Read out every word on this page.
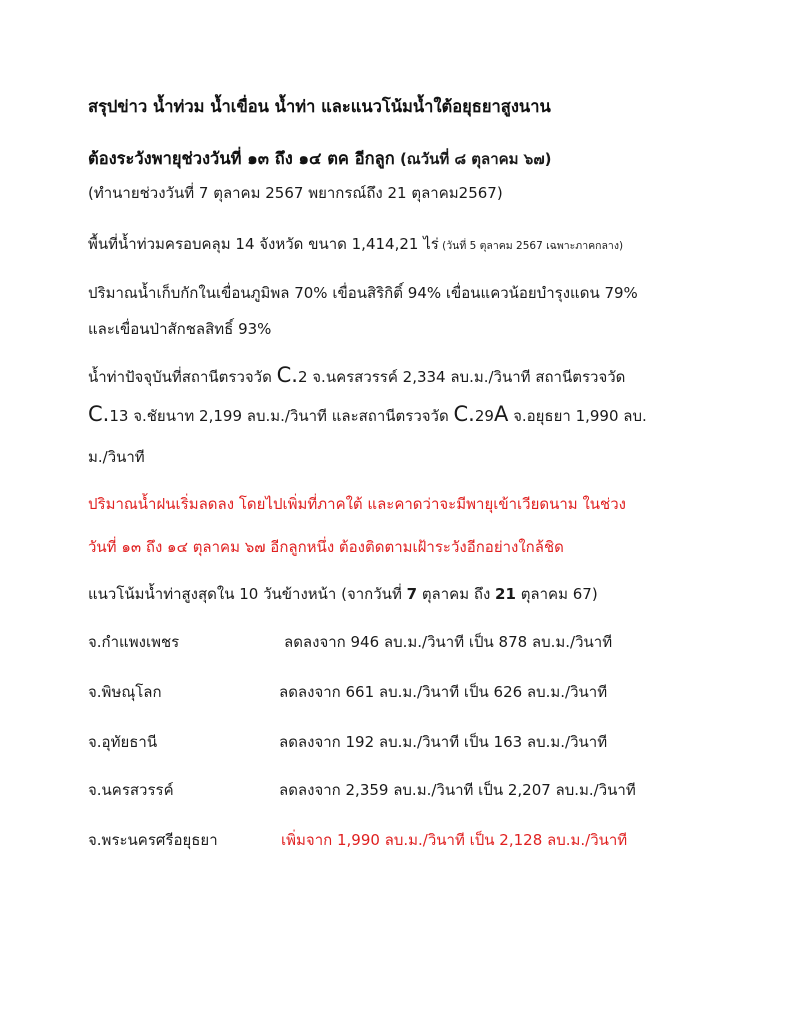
สรุปข่าว น้ำท่วม น้ำเขื่อน น้ำท่า และแนวโน้มน้ำใต้อยุธยาสูงนาน
ต้องระวังพายุช่วงวันที่ ๑๓ ถึง ๑๔ ตค อีกลูก (ณวันที่ ๘ ตุลาคม ๖๗)
(ทำนายช่วงวันที่ 7 ตุลาคม 2567 พยากรณ์ถึง 21 ตุลาคม2567)
พื้นที่น้ำท่วมครอบคลุม 14 จังหวัด ขนาด 1,414,21 ไร่ (วันที่ 5 ตุลาคม 2567 เฉพาะภาคกลาง)
ปริมาณน้ำเก็บกักในเขื่อนภูมิพล 70% เขื่อนสิริกิติ์ 94% เขื่อนแควน้อยบำรุงแดน 79%
และเขื่อนป่าสักชลสิทธิ์ 93%
น้ำท่าปัจจุบันที่สถานีตรวจวัด C.2 จ.นครสวรรค์ 2,334 ลบ.ม./วินาที สถานีตรวจวัด
C.13 จ.ชัยนาท 2,199 ลบ.ม./วินาที และสถานีตรวจวัด C.29A จ.อยุธยา 1,990 ลบ.
ม./วินาที
ปริมาณน้ำฝนเริ่มลดลง โดยไปเพิ่มที่ภาคใต้ และคาดว่าจะมีพายุเข้าเวียดนาม ในช่วง
วันที่ ๑๓ ถึง ๑๔ ตุลาคม ๖๗ อีกลูกหนึ่ง ต้องติดตามเฝ้าระวังอีกอย่างใกล้ชิด
แนวโน้มน้ำท่าสูงสุดใน 10 วันข้างหน้า (จากวันที่ 7 ตุลาคม ถึง 21 ตุลาคม 67)
จ.กำแพงเพชร	ลดลงจาก 946 ลบ.ม./วินาที เป็น 878 ลบ.ม./วินาที
จ.พิษณุโลก	ลดลงจาก 661 ลบ.ม./วินาที เป็น 626 ลบ.ม./วินาที
จ.อุทัยธานี	ลดลงจาก 192 ลบ.ม./วินาที เป็น 163 ลบ.ม./วินาที
จ.นครสวรรค์	ลดลงจาก 2,359 ลบ.ม./วินาที เป็น 2,207 ลบ.ม./วินาที
จ.พระนครศรีอยุธยา	เพิ่มจาก 1,990 ลบ.ม./วินาที เป็น 2,128 ลบ.ม./วินาที
